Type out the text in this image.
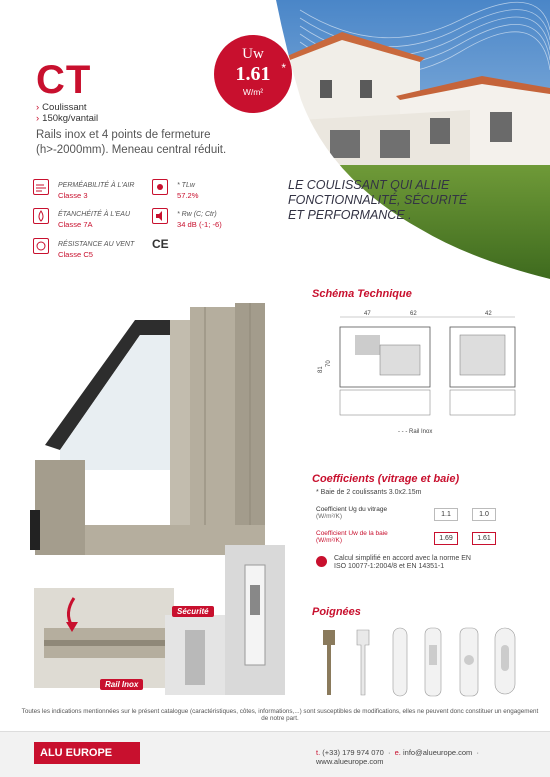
CT
› Coulissant
› 150kg/vantail
Rails inox et 4 points de fermeture (h>-2000mm). Meneau central réduit.
Uw
1.61 *
W/m²
PERMÉABILITÉ À L'AIR
Classe 3
ÉTANCHÉITÉ À L'EAU
Classe 7A
RÉSISTANCE AU VENT
Classe C5
* TLw
57.2%
* Rw (C; Ctr)
34 dB (-1; -6)
CE
LE COULISSANT QUI ALLIE FONCTIONNALITÉ, SÉCURITÉ ET PERFORMANCE .
Schéma Technique
47	62	42
70
81
- - - Rail Inox
Coefficients (vitrage et baie)
* Baie de 2 coulissants 3.0x2.15m
Coefficient Ug du vitrage
(W/m²/K)	1.1	1.0
Coefficient Uw de la baie
(W/m²/K)	1.69	1.61
Calcul simplifié en accord avec la norme EN ISO 10077-1:2004/8 et EN 14351-1
Rail Inox
Sécurité	Poignées
Toutes les indications mentionnées sur le présent catalogue (caractéristiques, côtes, informations,...) sont susceptibles de modifications, elles ne peuvent donc constituer un engagement de notre part.
ALU EUROPE	t. (+33) 179 974 070  ·  e. info@alueurope.com  ·  www.alueurope.com
